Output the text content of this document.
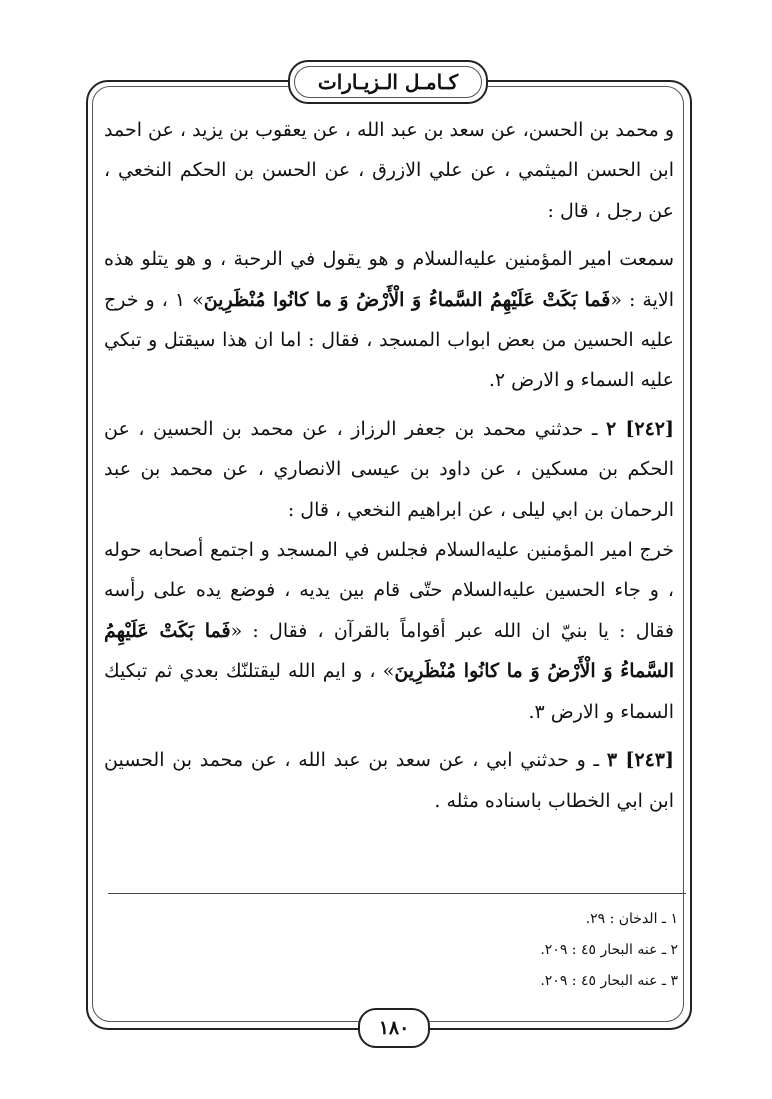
كـامـل الـزيـارات

و محمد بن الحسن، عن سعد بن عبد الله ، عن يعقوب بن يزيد ، عن احمد ابن الحسن الميثمي ، عن علي الازرق ، عن الحسن بن الحكم النخعي ، عن رجل ، قال :

سمعت امير المؤمنين عليه‌السلام و هو يقول في الرحبة ، و هو يتلو هذه الاية : «فَما بَكَتْ عَلَيْهِمُ السَّماءُ وَ الْأَرْضُ وَ ما كانُوا مُنْظَرِينَ» ١ ، و خرج عليه الحسين من بعض ابواب المسجد ، فقال : اما ان هذا سيقتل و تبكي عليه السماء و الارض ٢.

[٢٤٢] ٢ ـ حدثني محمد بن جعفر الرزاز ، عن محمد بن الحسين ، عن الحكم بن مسكين ، عن داود بن عيسى الانصاري ، عن محمد بن عبد الرحمان بن ابي ليلى ، عن ابراهيم النخعي ، قال :

خرج امير المؤمنين عليه‌السلام فجلس في المسجد و اجتمع أصحابه حوله ، و جاء الحسين عليه‌السلام حتّى قام بين يديه ، فوضع يده على رأسه فقال : يا بنيّ ان الله عبر أقواماً بالقرآن ، فقال : «فَما بَكَتْ عَلَيْهِمُ السَّماءُ وَ الْأَرْضُ وَ ما كانُوا مُنْظَرِينَ» ، و ايم الله ليقتلنّك بعدي ثم تبكيك السماء و الارض ٣.

[٢٤٣] ٣ ـ و حدثني ابي ، عن سعد بن عبد الله ، عن محمد بن الحسين ابن ابي الخطاب باسناده مثله .

١ ـ الدخان : ٢٩.

٢ ـ عنه البحار ٤٥ : ٢٠٩.

٣ ـ عنه البحار ٤٥ : ٢٠٩.

١٨٠
